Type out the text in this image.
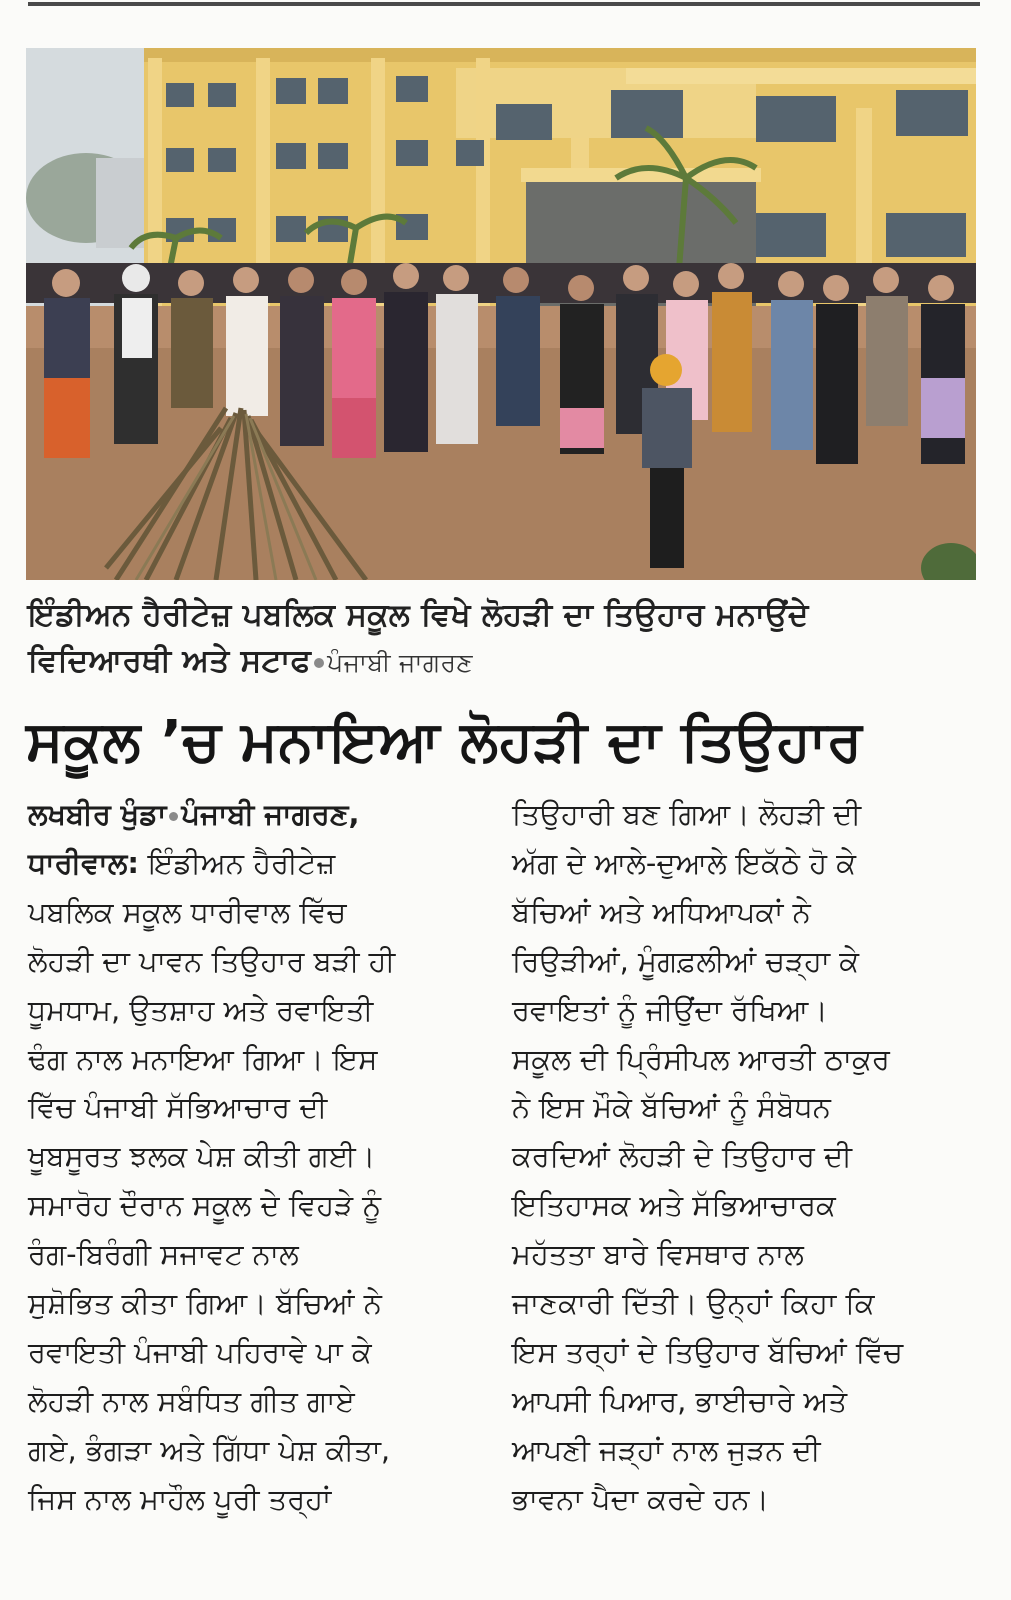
ਇੰਡੀਅਨ ਹੈਰੀਟੇਜ਼ ਪਬਲਿਕ ਸਕੂਲ ਵਿਖੇ ਲੋਹੜੀ ਦਾ ਤਿਉਹਾਰ ਮਨਾਉਂਦੇ
ਵਿਦਿਆਰਥੀ ਅਤੇ ਸਟਾਫ ਪੰਜਾਬੀ ਜਾਗਰਣ
ਸਕੂਲ ’ਚ ਮਨਾਇਆ ਲੋਹੜੀ ਦਾ ਤਿਉਹਾਰ
ਲਖਬੀਰ ਖੁੰਡਾ ਪੰਜਾਬੀ ਜਾਗਰਣ,
ਧਾਰੀਵਾਲ: ਇੰਡੀਅਨ ਹੈਰੀਟੇਜ਼
ਪਬਲਿਕ ਸਕੂਲ ਧਾਰੀਵਾਲ ਵਿੱਚ
ਲੋਹੜੀ ਦਾ ਪਾਵਨ ਤਿਉਹਾਰ ਬੜੀ ਹੀ
ਧੂਮਧਾਮ, ਉਤਸ਼ਾਹ ਅਤੇ ਰਵਾਇਤੀ
ਢੰਗ ਨਾਲ ਮਨਾਇਆ ਗਿਆ। ਇਸ
ਵਿੱਚ ਪੰਜਾਬੀ ਸੱਭਿਆਚਾਰ ਦੀ
ਖੂਬਸੂਰਤ ਝਲਕ ਪੇਸ਼ ਕੀਤੀ ਗਈ।
ਸਮਾਰੋਹ ਦੌਰਾਨ ਸਕੂਲ ਦੇ ਵਿਹੜੇ ਨੂੰ
ਰੰਗ-ਬਿਰੰਗੀ ਸਜਾਵਟ ਨਾਲ
ਸੁਸ਼ੋਭਿਤ ਕੀਤਾ ਗਿਆ। ਬੱਚਿਆਂ ਨੇ
ਰਵਾਇਤੀ ਪੰਜਾਬੀ ਪਹਿਰਾਵੇ ਪਾ ਕੇ
ਲੋਹੜੀ ਨਾਲ ਸਬੰਧਿਤ ਗੀਤ ਗਾਏ
ਗਏ, ਭੰਗੜਾ ਅਤੇ ਗਿੱਧਾ ਪੇਸ਼ ਕੀਤਾ,
ਜਿਸ ਨਾਲ ਮਾਹੌਲ ਪੂਰੀ ਤਰ੍ਹਾਂ
ਤਿਉਹਾਰੀ ਬਣ ਗਿਆ। ਲੋਹੜੀ ਦੀ
ਅੱਗ ਦੇ ਆਲੇ-ਦੁਆਲੇ ਇਕੱਠੇ ਹੋ ਕੇ
ਬੱਚਿਆਂ ਅਤੇ ਅਧਿਆਪਕਾਂ ਨੇ
ਰਿਉੜੀਆਂ, ਮੂੰਗਫ਼ਲੀਆਂ ਚੜ੍ਹਾ ਕੇ
ਰਵਾਇਤਾਂ ਨੂੰ ਜੀਉਂਦਾ ਰੱਖਿਆ।
ਸਕੂਲ ਦੀ ਪ੍ਰਿੰਸੀਪਲ ਆਰਤੀ ਠਾਕੁਰ
ਨੇ ਇਸ ਮੌਕੇ ਬੱਚਿਆਂ ਨੂੰ ਸੰਬੋਧਨ
ਕਰਦਿਆਂ ਲੋਹੜੀ ਦੇ ਤਿਉਹਾਰ ਦੀ
ਇਤਿਹਾਸਕ ਅਤੇ ਸੱਭਿਆਚਾਰਕ
ਮਹੱਤਤਾ ਬਾਰੇ ਵਿਸਥਾਰ ਨਾਲ
ਜਾਣਕਾਰੀ ਦਿੱਤੀ। ਉਨ੍ਹਾਂ ਕਿਹਾ ਕਿ
ਇਸ ਤਰ੍ਹਾਂ ਦੇ ਤਿਉਹਾਰ ਬੱਚਿਆਂ ਵਿੱਚ
ਆਪਸੀ ਪਿਆਰ, ਭਾਈਚਾਰੇ ਅਤੇ
ਆਪਣੀ ਜੜ੍ਹਾਂ ਨਾਲ ਜੁੜਨ ਦੀ
ਭਾਵਨਾ ਪੈਦਾ ਕਰਦੇ ਹਨ।
